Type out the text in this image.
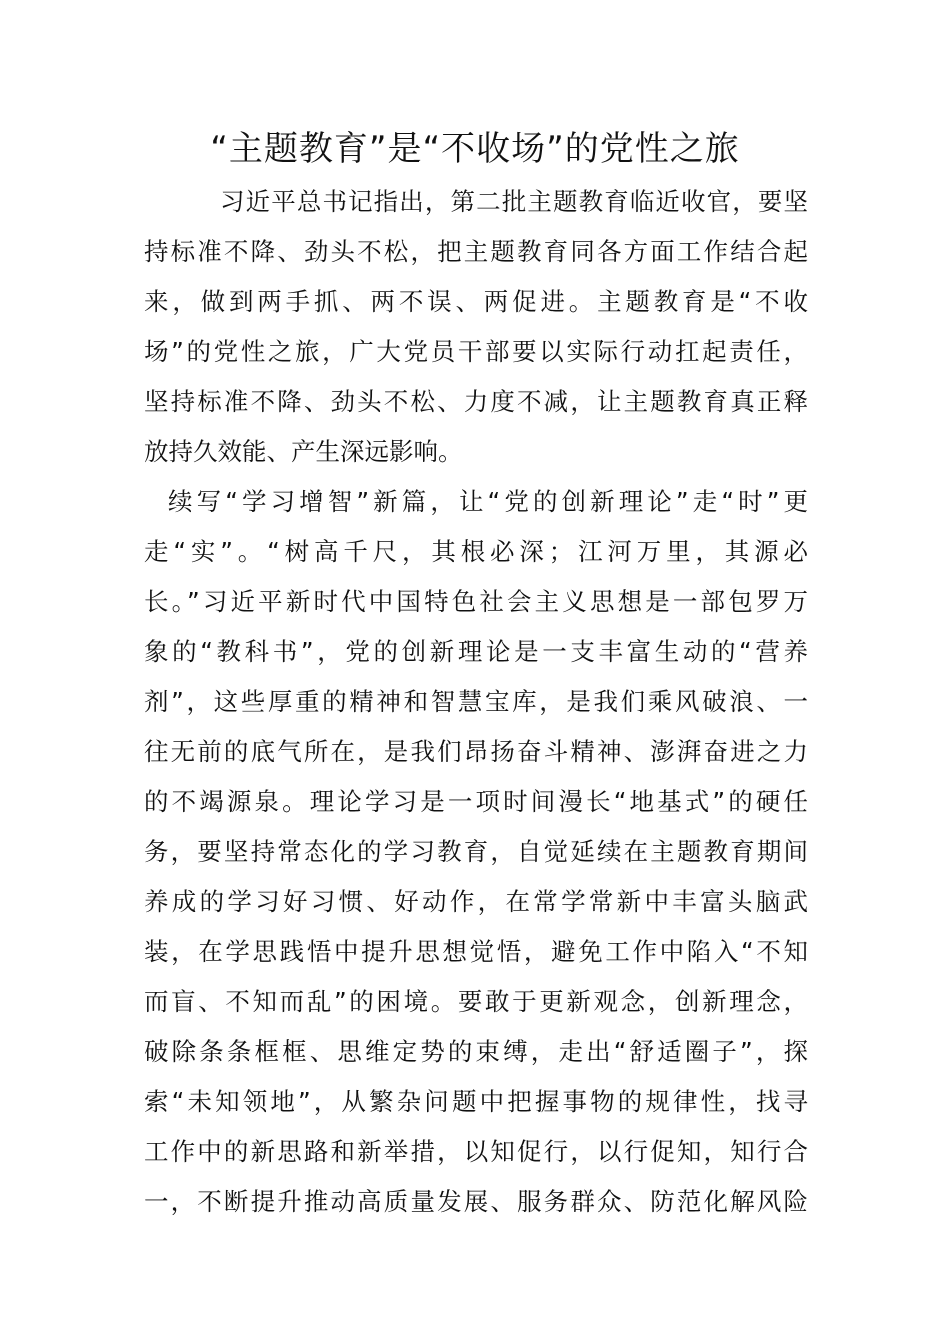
“主题教育”是“不收场”的党性之旅
习近平总书记指出，第二批主题教育临近收官，要坚
持标准不降、劲头不松，把主题教育同各方面工作结合起
来，做到两手抓、两不误、两促进。主题教育是“不收
场”的党性之旅，广大党员干部要以实际行动扛起责任，
坚持标准不降、劲头不松、力度不减，让主题教育真正释
放持久效能、产生深远影响。
续写“学习增智”新篇，让“党的创新理论”走“时”更
走“实”。“树高千尺，其根必深；江河万里，其源必
长。”习近平新时代中国特色社会主义思想是一部包罗万
象的“教科书”，党的创新理论是一支丰富生动的“营养
剂”，这些厚重的精神和智慧宝库，是我们乘风破浪、一
往无前的底气所在，是我们昂扬奋斗精神、澎湃奋进之力
的不竭源泉。理论学习是一项时间漫长“地基式”的硬任
务，要坚持常态化的学习教育，自觉延续在主题教育期间
养成的学习好习惯、好动作，在常学常新中丰富头脑武
装，在学思践悟中提升思想觉悟，避免工作中陷入“不知
而盲、不知而乱”的困境。要敢于更新观念，创新理念，
破除条条框框、思维定势的束缚，走出“舒适圈子”，探
索“未知领地”，从繁杂问题中把握事物的规律性，找寻
工作中的新思路和新举措，以知促行，以行促知，知行合
一，不断提升推动高质量发展、服务群众、防范化解风险
